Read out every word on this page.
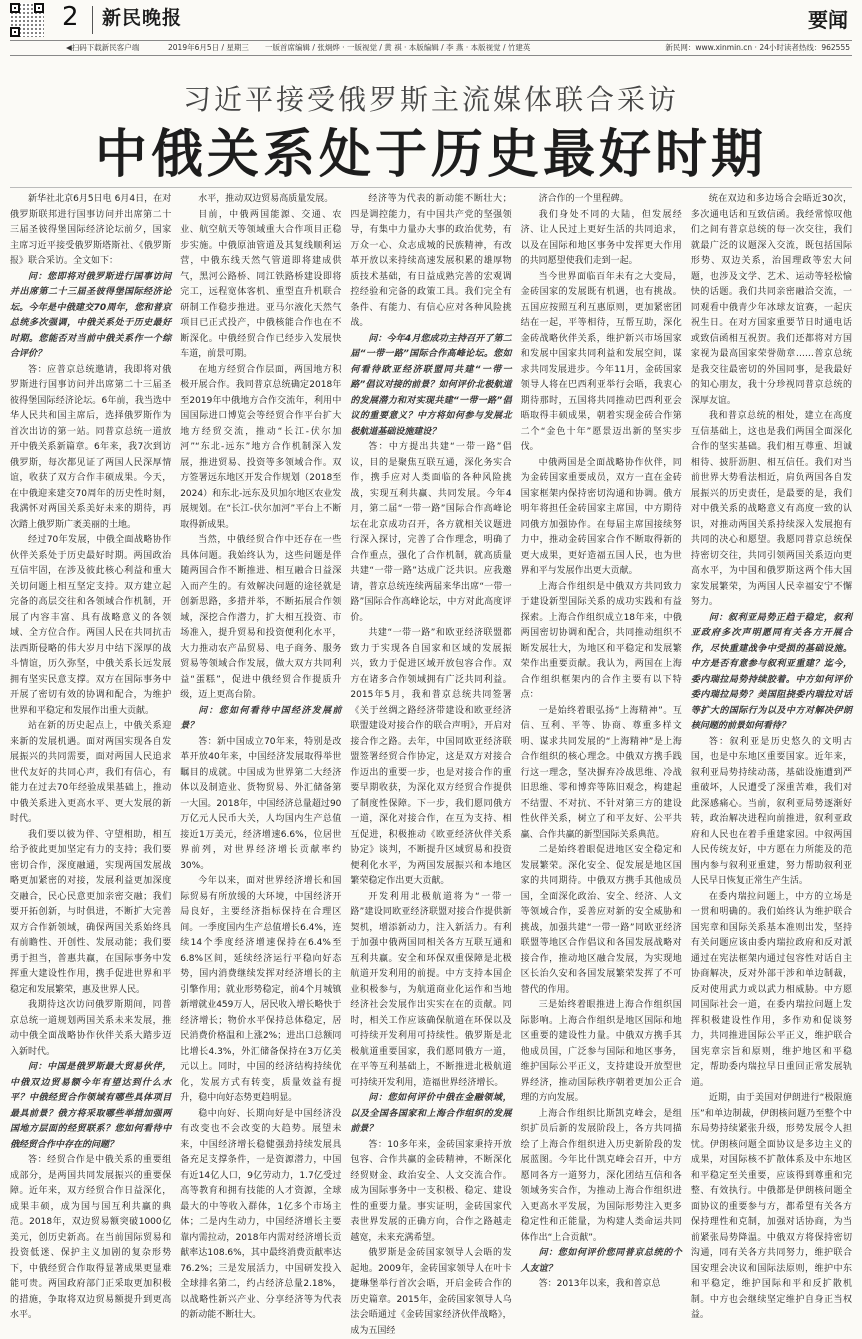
2 新民晚报	要闻
◀扫码下载新民客户端	2019年6月5日 / 星期三 一版首席编辑 / 张炯烨 · 一版视觉 / 黄 祺 · 本版编辑 / 李 燕 · 本版视觉 / 竹建英	新民网：www.xinmin.cn · 24小时读者热线：962555
习近平接受俄罗斯主流媒体联合采访
中俄关系处于历史最好时期

新华社北京6月5日电 6月4日，在对俄罗斯联邦进行国事访问并出席第二十三届圣彼得堡国际经济论坛前夕，国家主席习近平接受俄罗斯塔斯社、《俄罗斯报》联合采访。全文如下：

问：您即将对俄罗斯进行国事访问并出席第二十三届圣彼得堡国际经济论坛。今年是中俄建交70周年，您和普京总统多次强调，中俄关系处于历史最好时期。您能否对当前中俄关系作一个综合评价？

答：应普京总统邀请，我即将对俄罗斯进行国事访问并出席第二十三届圣彼得堡国际经济论坛。6年前，我当选中华人民共和国主席后，选择俄罗斯作为首次出访的第一站。同普京总统一道放开中俄关系新篇章。6年来，我7次到访俄罗斯，每次都见证了两国人民深厚情谊，收获了双方合作丰硕成果。今天，在中俄迎来建交70周年的历史性时刻，我满怀对两国关系美好未来的期待，再次踏上俄罗斯广袤美丽的土地。

经过70年发展，中俄全面战略协作伙伴关系处于历史最好时期。两国政治互信牢固，在涉及彼此核心利益和重大关切问题上相互坚定支持。双方建立起完备的高层交往和各领域合作机制，开展了内容丰富、具有战略意义的各领域、全方位合作。两国人民在共同抗击法西斯侵略的伟大岁月中结下深厚的战斗情谊，历久弥坚，中俄关系长远发展拥有坚实民意支撑。双方在国际事务中开展了密切有效的协调和配合，为维护世界和平稳定和发展作出重大贡献。

站在新的历史起点上，中俄关系迎来新的发展机遇。面对两国实现各自发展振兴的共同需要，面对两国人民追求世代友好的共同心声，我们有信心，有能力在过去70年经验成果基础上，推动中俄关系进入更高水平、更大发展的新时代。

我们要以彼为伴、守望相助，相互给予彼此更加坚定有力的支持；我们要密切合作，深度融通，实现两国发展战略更加紧密的对接，发展利益更加深度交融合，民心民意更加亲密交融；我们要开拓创新，与时俱进，不断扩大完善双方合作新领域，确保两国关系始终具有前瞻性、开创性、发展动能；我们要勇于担当，普惠共赢，在国际事务中发挥重大建设性作用，携手促进世界和平稳定和发展繁荣，惠及世界人民。

我期待这次访问俄罗斯期间，同普京总统一道规划两国关系未来发展，推动中俄全面战略协作伙伴关系大踏步迈入新时代。

问：中国是俄罗斯最大贸易伙伴，中俄双边贸易额今年有望达到什么水平？中俄经贸合作领域有哪些具体项目最具前景？俄方将采取哪些举措加强两国地方层面的经贸联系？您如何看待中俄经贸合作中存在的问题？

答：经贸合作是中俄关系的重要组成部分，是两国共同发展振兴的重要保障。近年来，双方经贸合作日益深化，成果丰硕，成为国与国互利共赢的典范。2018年，双边贸易额突破1000亿美元，创历史新高。在当前国际贸易和投资低迷、保护主义加剧的复杂形势下，中俄经贸合作取得显著成果更显难能可贵。两国政府部门正采取更加积极的措施，争取将双边贸易额提升到更高水平。

水平，推动双边贸易高质量发展。

目前，中俄两国能源、交通、农业、航空航天等领域重大合作项目正稳步实施。中俄原油管道及其复线顺利运营，中俄东线天然气管道即将建成供气，黑河公路桥、同江铁路桥建设即将完工，远程宽体客机、重型直升机联合研制工作稳步推进。亚马尔液化天然气项目已正式投产，中俄核能合作也在不断深化。中俄经贸合作已经步入发展快车道，前景可期。

在地方经贸合作层面，两国地方积极开展合作。我同普京总统确定2018年至2019年中俄地方合作交流年，利用中国国际进口博览会等经贸合作平台扩大地方经贸交流，推动“长江-伏尔加河”“东北-远东”地方合作机制深入发展，推进贸易、投资等多领域合作。双方签署远东地区开发合作规划（2018至2024）和东北-远东及贝加尔地区农业发展规划。在“长江-伏尔加河”平台上不断取得新成果。

当然，中俄经贸合作中还存在一些具体问题。我始终认为，这些问题是伴随两国合作不断推进、相互融合日益深入而产生的。有效解决问题的途径就是创新思路，多措并举，不断拓展合作领域，深挖合作潜力，扩大相互投资、市场准入，提升贸易和投资便利化水平，大力推动农产品贸易、电子商务、服务贸易等领域合作发展，做大双方共同利益“蛋糕”，促进中俄经贸合作提质升级，迈上更高台阶。

问：您如何看待中国经济发展前景？

答：新中国成立70年来，特别是改革开放40年来，中国经济发展取得举世瞩目的成就。中国成为世界第二大经济体以及制造业、货物贸易、外汇储备第一大国。2018年，中国经济总量超过90万亿元人民币大关，人均国内生产总值接近1万美元，经济增速6.6%，位居世界前列，对世界经济增长贡献率约30%。

今年以来，面对世界经济增长和国际贸易有所放缓的大环境，中国经济开局良好，主要经济指标保持在合理区间。一季度国内生产总值增长6.4%，连续14个季度经济增速保持在6.4%至6.8%区间，延续经济运行平稳向好态势，国内消费继续发挥对经济增长的主引擎作用；就业形势稳定，前4个月城镇新增就业459万人，居民收入增长略快于经济增长；物价水平保持总体稳定，居民消费价格温和上涨2%；进出口总额同比增长4.3%，外汇储备保持在3万亿美元以上。同时，中国的经济结构持续优化，发展方式有转变，质量效益有提升，稳中向好态势更趋明显。

稳中向好、长期向好是中国经济没有改变也不会改变的大趋势。展望未来，中国经济增长稳健强劲持续发展具备充足支撑条件，一是资源潜力，中国有近14亿人口，9亿劳动力，1.7亿受过高等教育和拥有技能的人才资源，全球最大的中等收入群体，1亿多个市场主体；二是内生动力，中国经济增长主要靠内需拉动，2018年内需对经济增长贡献率达108.6%，其中最终消费贡献率达76.2%；三是发展活力，中国研发投入全球排名第二，约占经济总量2.18%，以战略性新兴产业、分享经济等为代表的新动能不断壮大。

经济等为代表的新动能不断壮大；四是调控能力，有中国共产党的坚强领导，有集中力量办大事的政治优势，有万众一心、众志成城的民族精神，有改革开放以来持续高速发展积累的雄厚物质技术基础，有日益成熟完善的宏观调控经验和完备的政策工具。我们完全有条件、有能力、有信心应对各种风险挑战。

问：今年4月您成功主持召开了第二届“一带一路”国际合作高峰论坛。您如何看待欧亚经济联盟同共建“一带一路”倡议对接的前景？如何评价北极航道的发展潜力和对实现共建“一带一路”倡议的重要意义？中方将如何参与发展北极航道基础设施建设？

答：中方提出共建“一带一路”倡议，目的是聚焦互联互通，深化务实合作，携手应对人类面临的各种风险挑战，实现互利共赢、共同发展。今年4月，第二届“一带一路”国际合作高峰论坛在北京成功召开，各方就相关议题进行深入探讨，完善了合作理念，明确了合作重点，强化了合作机制，就高质量共建“一带一路”达成广泛共识。应我邀请，普京总统连续两届来华出席“一带一路”国际合作高峰论坛，中方对此高度评价。

共建“一带一路”和欧亚经济联盟都致力于实现各自国家和区域的发展振兴，致力于促进区域开放包容合作。双方在诸多合作领域拥有广泛共同利益。2015年5月，我和普京总统共同签署《关于丝绸之路经济带建设和欧亚经济联盟建设对接合作的联合声明》，开启对接合作之路。去年，中国同欧亚经济联盟签署经贸合作协定，这是双方对接合作迈出的重要一步，也是对接合作的重要早期收获，为深化双方经贸合作提供了制度性保障。下一步，我们愿同俄方一道，深化对接合作，在互为支持、相互促进，积极推动《欧亚经济伙伴关系协定》谈判，不断提升区域贸易和投资便利化水平，为两国发展振兴和本地区繁荣稳定作出更大贡献。

开发利用北极航道将为“一带一路”建设同欧亚经济联盟对接合作提供新契机，增添新动力，注入新活力。有利于加强中俄两国同相关各方互联互通和互利共赢。安全和环保双重保障是北极航道开发利用的前提。中方支持本国企业积极参与，为航道商业化运作和当地经济社会发展作出实实在在的贡献。同时，相关工作应该确保航道在环保以及可持续开发利用可持续性。俄罗斯是北极航道重要国家，我们愿同俄方一道，在平等互利基础上，不断推进北极航道可持续开发利用，造福世界经济增长。

问：您如何评价中俄在金融领域，以及全国各国家和上海合作组织的发展前景？

答：10多年来，金砖国家秉持开放包容、合作共赢的金砖精神，不断深化经贸财金、政治安全、人文交流合作。成为国际事务中一支积极、稳定、建设性的重要力量。事实证明，金砖国家代表世界发展的正确方向，合作之路越走越宽，未来充满希望。

俄罗斯是金砖国家领导人会晤的发起地。2009年，金砖国家领导人在叶卡捷琳堡举行首次会晤，开启金砖合作的历史篇章。2015年，金砖国家领导人乌法会晤通过《金砖国家经济伙伴战略》，成为五国经

济合作的一个里程碑。

我们身处不同的大陆，但发展经济、让人民过上更好生活的共同追求，以及在国际和地区事务中发挥更大作用的共同愿望使我们走到一起。

当今世界面临百年未有之大变局，金砖国家的发展既有机遇，也有挑战。五国应按照互利互惠原则，更加紧密团结在一起，平等相待，互帮互助，深化金砖战略伙伴关系，维护新兴市场国家和发展中国家共同利益和发展空间，谋求共同发展进步。今年11月，金砖国家领导人将在巴西利亚举行会晤，我衷心期待那时，五国将共同推动巴西利亚会晤取得丰硕成果，朝着实现金砖合作第二个“金色十年”愿景迈出新的坚实步伐。

中俄两国是全面战略协作伙伴，同为金砖国家重要成员，双方一直在金砖国家框架内保持密切沟通和协调。俄方明年将担任金砖国家主席国，中方期待同俄方加强协作。在每届主席国接续努力中，推动金砖国家合作不断取得新的更大成果，更好造福五国人民，也为世界和平与发展作出更大贡献。

上海合作组织是中俄双方共同致力于建设新型国际关系的成功实践和有益探索。上海合作组织成立18年来，中俄两国密切协调和配合，共同推动组织不断发展壮大，为地区和平稳定和发展繁荣作出重要贡献。我认为，两国在上海合作组织框架内的合作主要有以下特点：

一是始终着眼弘扬“上海精神”。互信、互利、平等、协商、尊重多样文明、谋求共同发展的“上海精神”是上海合作组织的核心理念。中俄双方携手践行这一理念，坚决摒弃冷战思维、冷战旧思维、零和博弈等陈旧观念，构建起不结盟、不对抗、不针对第三方的建设性伙伴关系，树立了和平友好、公平共赢、合作共赢的新型国际关系典范。

二是始终着眼促进地区安全稳定和发展繁荣。深化安全、促发展是地区国家的共同期待。中俄双方携手其他成员国，全面深化政治、安全、经济、人文等领域合作，妥善应对新的安全威胁和挑战，加强共建“一带一路”同欧亚经济联盟等地区合作倡议和各国发展战略对接合作，推动地区融合发展，为实现地区长治久安和各国发展繁荣发挥了不可替代的作用。

三是始终着眼推进上海合作组织国际影响。上海合作组织是地区国际和地区重要的建设性力量。中俄双方携手其他成员国，广泛参与国际和地区事务，维护国际公平正义，支持建设开放型世界经济，推动国际秩序朝着更加公正合理的方向发展。

上海合作组织比斯凯克峰会，是组织扩员后新的发展阶段上，各方共同描绘了上海合作组织进入历史新阶段的发展蓝图。今年比什凯克峰会召开，中方愿同各方一道努力，深化团结互信和各领域务实合作，为推动上海合作组织进入更高水平发展，为国际形势注入更多稳定性和正能量，为构建人类命运共同体作出“上合贡献”。

问：您如何评价您同普京总统的个人友谊？

答：2013年以来，我和普京总

统在双边和多边场合会晤近30次，多次通电话和互致信函。我经常惊叹他们之间有普京总统的每一次交往，我们就最广泛的议题深入交流，既包括国际形势、双边关系，治国理政等宏大问题，也涉及文学、艺术、运动等轻松愉快的话题。我们共同亲密融洽交流，一同观看中俄青少年冰球友谊赛，一起庆祝生日。在对方国家重要节日时通电话或致信函相互祝贺。我们还都将对方国家视为最高国家荣誉勋章……普京总统是我交往最密切的外国同事，是我最好的知心朋友，我十分珍视同普京总统的深厚友谊。

我和普京总统的相处，建立在高度互信基础上，这也是我们两国全面深化合作的坚实基础。我们相互尊重、坦诚相待、披肝沥胆、相互信任。我们对当前世界大势看法相近，肩负两国各自发展振兴的历史责任，是最要的是，我们对中俄关系的战略意义有高度一致的认识，对推动两国关系持续深入发展抱有共同的决心和愿望。我愿同普京总统保持密切交往，共同引领两国关系迈向更高水平，为中国和俄罗斯这两个伟大国家发展繁荣，为两国人民幸福安宁不懈努力。

问：叙利亚局势正趋于稳定，叙利亚政府多次声明愿同有关各方开展合作，尽快重建战争中受损的基础设施。中方是否有意参与叙利亚重建？迄今，委内瑞拉局势持续胶着。中方如何评价委内瑞拉局势？美国阻挠委内瑞拉对话等扩大的国际行为以及中方对解决伊朗核问题的前景如何看待？

答：叙利亚是历史悠久的文明古国，也是中东地区重要国家。近年来，叙利亚局势持续动荡，基础设施遭到严重破坏，人民遭受了深重苦难，我们对此深感痛心。当前，叙利亚局势逐渐好转，政治解决进程向前推进，叙利亚政府和人民也在着手重建家园。中叙两国人民传统友好，中方愿在力所能及的范围内参与叙利亚重建，努力帮助叙利亚人民早日恢复正常生产生活。

在委内瑞拉问题上，中方的立场是一贯和明确的。我们始终认为维护联合国宪章和国际关系基本准则出发，坚持有关问题应该由委内瑞拉政府和反对派通过在宪法框架内通过包容性对话自主协商解决，反对外部干涉和单边制裁，反对使用武力或以武力相威胁。中方愿同国际社会一道，在委内瑞拉问题上发挥积极建设性作用，多作劝和促谈努力，共同推进国际公平正义，维护联合国宪章宗旨和原则，维护地区和平稳定，帮助委内瑞拉早日重回正常发展轨道。

近期，由于美国对伊朗进行“极限施压”和单边制裁，伊朗核问题乃至整个中东局势持续紧张升级，形势发展令人担忧。伊朗核问题全面协议是多边主义的成果，对国际核不扩散体系及中东地区和平稳定至关重要，应该得到尊重和完整、有效执行。中俄都是伊朗核问题全面协议的重要参与方，都希望有关各方保持理性和克制，加强对话协商，为当前紧张局势降温。中俄双方将保持密切沟通，同有关各方共同努力，维护联合国安理会决议和国际法原则，维护中东和平稳定，维护国际和平和反扩散机制。中方也会继续坚定维护自身正当权益。
